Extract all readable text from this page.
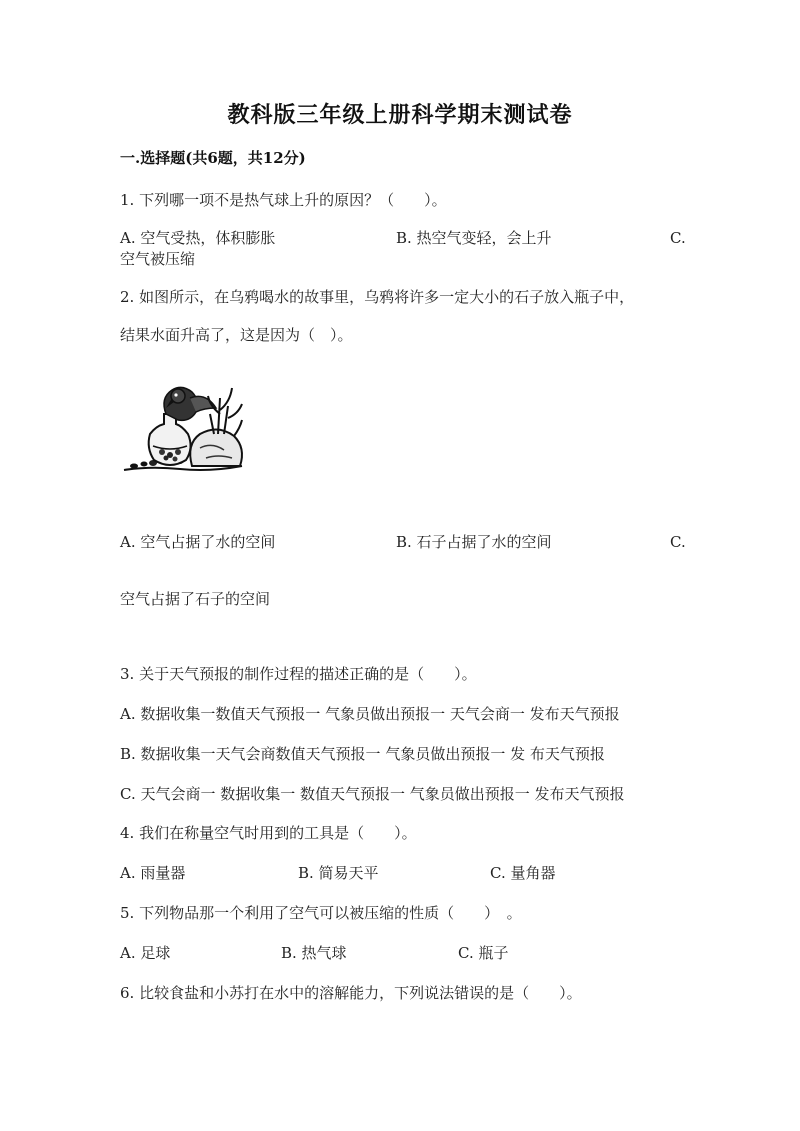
教科版三年级上册科学期末测试卷
一.选择题(共6题，共12分)
1. 下列哪一项不是热气球上升的原因？（　　）。
A. 空气受热，体积膨胀	B. 热空气变轻，会上升	C.
空气被压缩
2. 如图所示，在乌鸦喝水的故事里，乌鸦将许多一定大小的石子放入瓶子中，
结果水面升高了，这是因为（　）。
A. 空气占据了水的空间	B. 石子占据了水的空间	C.
空气占据了石子的空间
3. 关于天气预报的制作过程的描述正确的是（　　）。
A. 数据收集一数值天气预报一 气象员做出预报一 天气会商一 发布天气预报
B. 数据收集一天气会商数值天气预报一 气象员做出预报一 发 布天气预报
C. 天气会商一 数据收集一 数值天气预报一 气象员做出预报一 发布天气预报
4. 我们在称量空气时用到的工具是（　　）。
A. 雨量器	B. 简易天平	C. 量角器
5. 下列物品那一个利用了空气可以被压缩的性质（　　）　。
A. 足球	B. 热气球	C. 瓶子
6. 比较食盐和小苏打在水中的溶解能力，下列说法错误的是（　　）。
